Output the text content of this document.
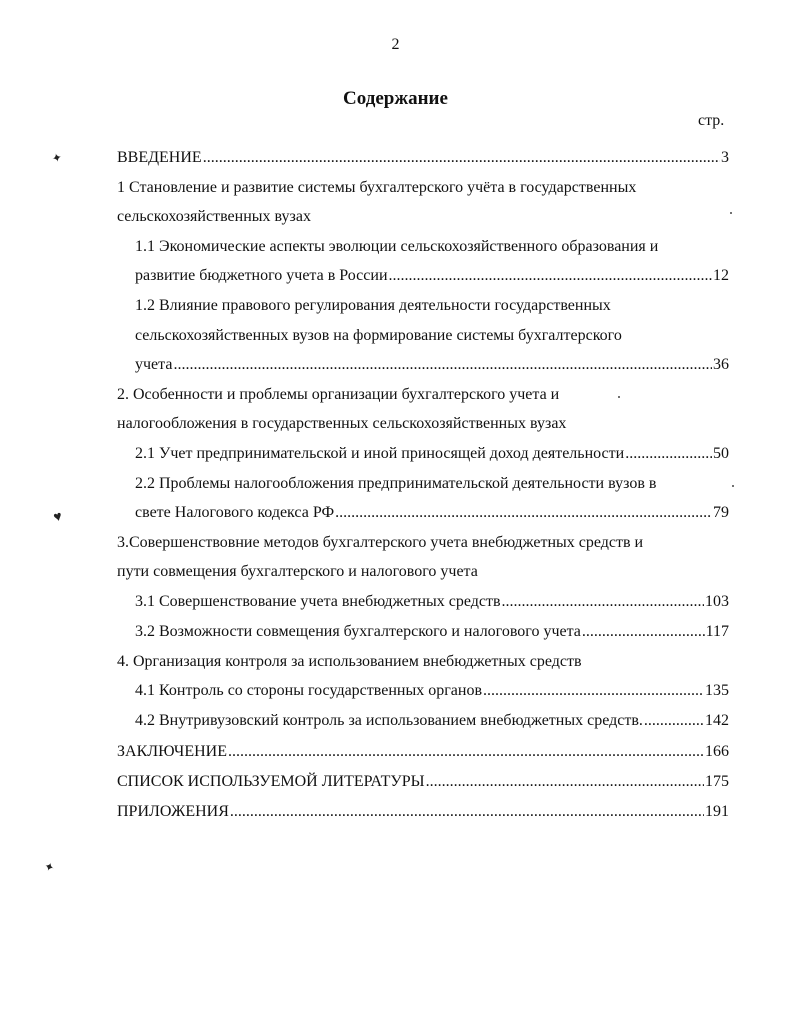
2
Содержание
стр.
ВВЕДЕНИЕ .....	3
1 Становление и развитие системы бухгалтерского учёта в государственных
сельскохозяйственных вузах
1.1 Экономические аспекты эволюции сельскохозяйственного образования и
развитие бюджетного учета в России .....	12
1.2 Влияние правового регулирования деятельности государственных
сельскохозяйственных вузов на формирование системы бухгалтерского
учета .....	36
2. Особенности и проблемы организации бухгалтерского учета и
налогообложения в государственных сельскохозяйственных вузах
2.1 Учет предпринимательской и иной приносящей доход деятельности .....	50
2.2 Проблемы налогообложения предпринимательской деятельности вузов в
свете Налогового кодекса РФ .....	79
3.Совершенствовние методов бухгалтерского учета внебюджетных средств и
пути совмещения бухгалтерского и налогового учета
3.1 Совершенствование учета внебюджетных средств .....	103
3.2 Возможности совмещения бухгалтерского и налогового учета .....	117
4. Организация контроля за использованием внебюджетных средств
4.1 Контроль со стороны государственных органов .....	135
4.2 Внутривузовский контроль за использованием внебюджетных средств. .....	142
ЗАКЛЮЧЕНИЕ .....	166
СПИСОК ИСПОЛЬЗУЕМОЙ ЛИТЕРАТУРЫ .....	175
ПРИЛОЖЕНИЯ .....	191
✦
♥
✦
